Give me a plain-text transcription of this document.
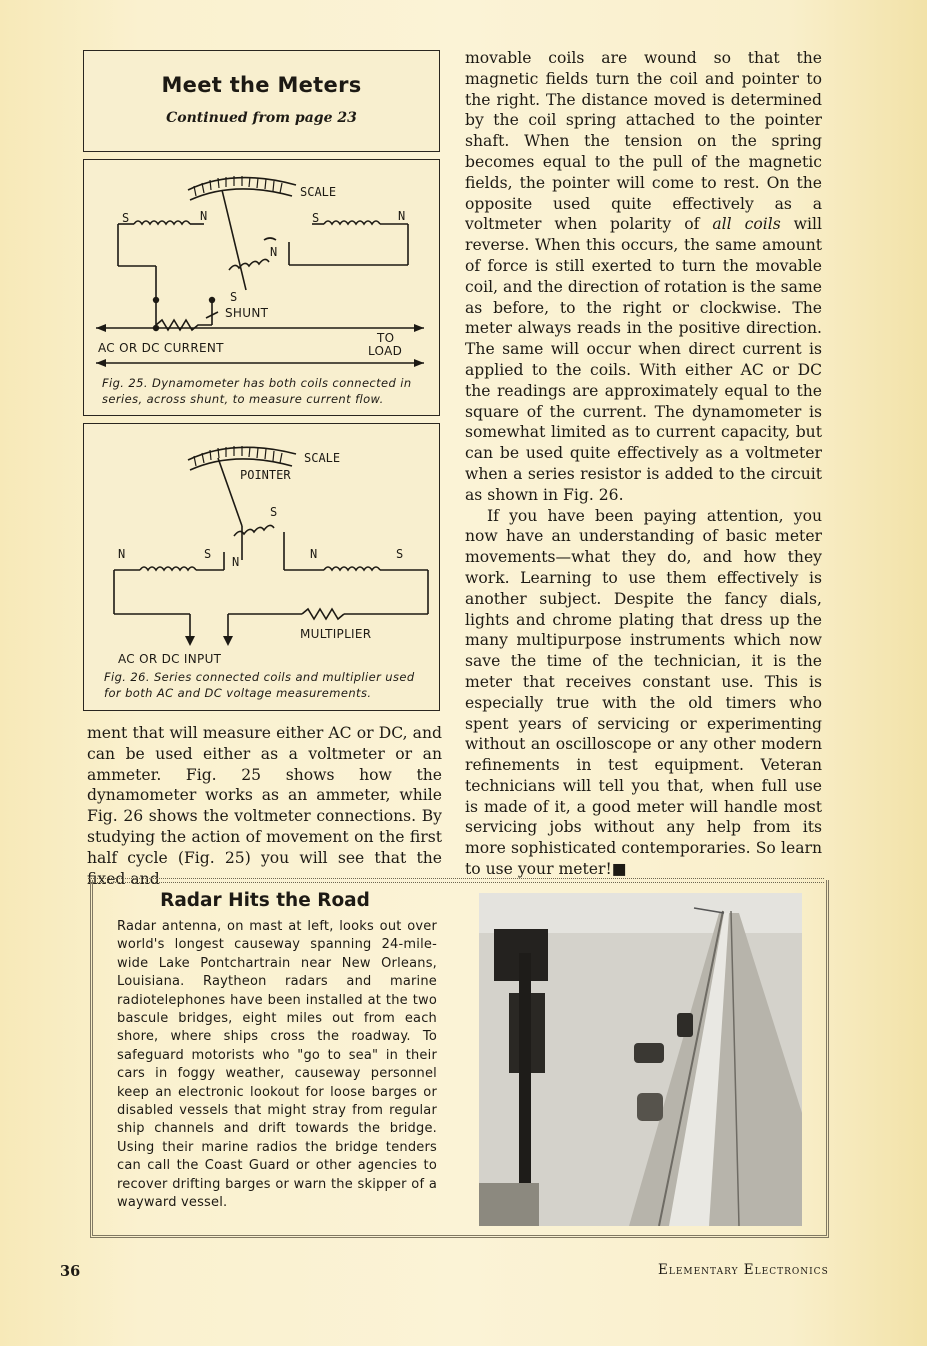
Meet the Meters
Continued from page 23
SCALE
S	N	S	N
N
S
SHUNT
AC OR DC CURRENT
TO
LOAD
Fig. 25. Dynamometer has both coils connected in series, across shunt, to measure current flow.
SCALE
POINTER
S
N	S
N
N	S
MULTIPLIER
AC OR DC INPUT
Fig. 26. Series connected coils and multiplier used for both AC and DC voltage measurements.

ment that will measure either AC or DC, and can be used either as a voltmeter or an ammeter. Fig. 25 shows how the dynamometer works as an ammeter, while Fig. 26 shows the voltmeter connections. By studying the action of movement on the first half cycle (Fig. 25) you will see that the fixed and

movable coils are wound so that the magnetic fields turn the coil and pointer to the right. The distance moved is determined by the coil spring attached to the pointer shaft. When the tension on the spring becomes equal to the pull of the magnetic fields, the pointer will come to rest. On the opposite used quite effectively as a voltmeter when polarity of all coils will reverse. When this occurs, the same amount of force is still exerted to turn the movable coil, and the direction of rotation is the same as before, to the right or clockwise. The meter always reads in the positive direction. The same will occur when direct current is applied to the coils. With either AC or DC the readings are approximately equal to the square of the current. The dynamometer is somewhat limited as to current capacity, but can be used quite effectively as a voltmeter when a series resistor is added to the circuit as shown in Fig. 26.

If you have been paying attention, you now have an understanding of basic meter movements—what they do, and how they work. Learning to use them effectively is another subject. Despite the fancy dials, lights and chrome plating that dress up the many multipurpose instruments which now save the time of the technician, it is the meter that receives constant use. This is especially true with the old timers who spent years of servicing or experimenting without an oscilloscope or any other modern refinements in test equipment. Veteran technicians will tell you that, when full use is made of it, a good meter will handle most servicing jobs without any help from its more sophisticated contemporaries. So learn to use your meter!■

Radar Hits the Road
Radar antenna, on mast at left, looks out over world's longest causeway spanning 24-mile-wide Lake Pontchartrain near New Orleans, Louisiana. Raytheon radars and marine radiotelephones have been installed at the two bascule bridges, eight miles out from each shore, where ships cross the roadway. To safeguard motorists who "go to sea" in their cars in foggy weather, causeway personnel keep an electronic lookout for loose barges or disabled vessels that might stray from regular ship channels and drift towards the bridge. Using their marine radios the bridge tenders can call the Coast Guard or other agencies to recover drifting barges or warn the skipper of a wayward vessel.
36	Elementary Electronics
